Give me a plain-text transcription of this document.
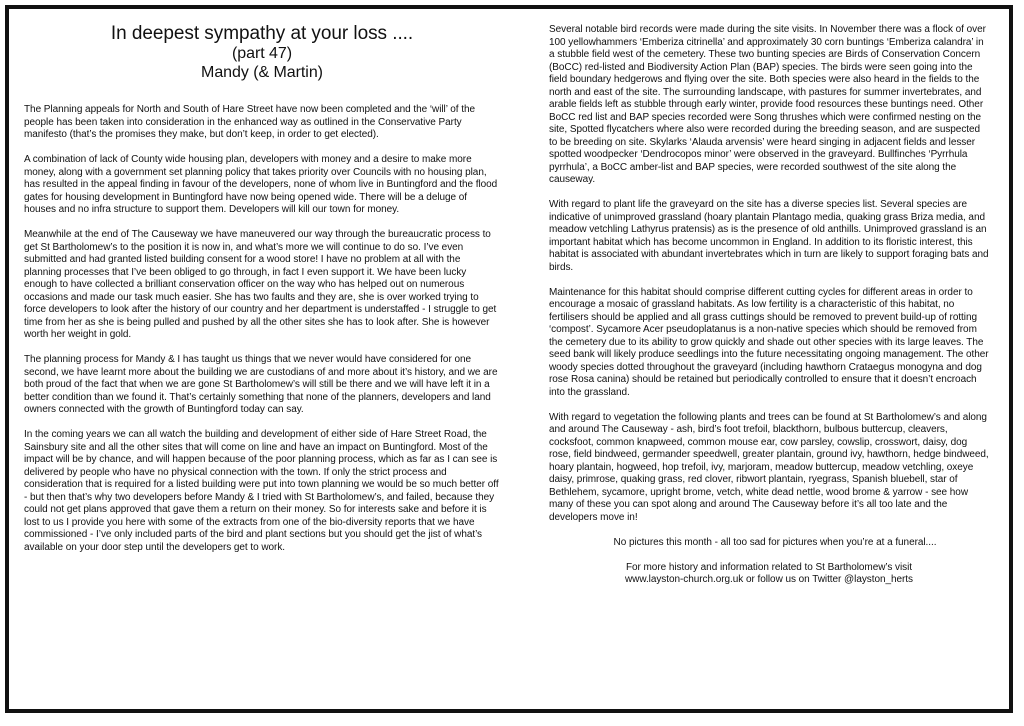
In deepest sympathy at your loss ....
(part 47)
Mandy (& Martin)

The Planning appeals for North and South of Hare Street have now been completed and the ‘will’ of the people has been taken into consideration in the enhanced way as outlined in the Conservative Party manifesto (that’s the promises they make, but don’t keep, in order to get elected).

A combination of lack of County wide housing plan, developers with money and a desire to make more money, along with a government set planning policy that takes priority over Councils with no housing plan, has resulted in the appeal finding in favour of the developers, none of whom live in Buntingford and the flood gates for housing development in Buntingford have now being opened wide. There will be a deluge of houses and no infra structure to support them. Developers will kill our town for money.

Meanwhile at the end of The Causeway we have maneuvered our way through the bureaucratic process to get St Bartholomew’s to the position it is now in, and what’s more we will continue to do so. I’ve even submitted and had granted listed building consent for a wood store! I have no problem at all with the planning processes that I’ve been obliged to go through, in fact I even support it. We have been lucky enough to have collected a brilliant conservation officer on the way who has helped out on numerous occasions and made our task much easier. She has two faults and they are, she is over worked trying to force developers to look after the history of our country and her department is understaffed - I struggle to get time from her as she is being pulled and pushed by all the other sites she has to look after. She is however worth her weight in gold.

The planning process for Mandy & I has taught us things that we never would have considered for one second, we have learnt more about the building we are custodians of and more about it’s history, and we are both proud of the fact that when we are gone St Bartholomew’s will still be there and we will have left it in a better condition than we found it. That’s certainly something that none of the planners, developers and land owners connected with the growth of Buntingford today can say.

In the coming years we can all watch the building and development of either side of Hare Street Road, the Sainsbury site and all the other sites that will come on line and have an impact on Buntingford. Most of the impact will be by chance, and will happen because of the poor planning process, which as far as I can see is delivered by people who have no physical connection with the town. If only the strict process and consideration that is required for a listed building were put into town planning we would be so much better off - but then that’s why two developers before Mandy & I tried with St Bartholomew’s, and failed, because they could not get plans approved that gave them a return on their money. So for interests sake and before it is lost to us I provide you here with some of the extracts from one of the bio-diversity reports that we have commissioned - I’ve only included parts of the bird and plant sections but you should get the jist of what’s available on your door step until the developers get to work.

Several notable bird records were made during the site visits. In November there was a flock of over 100 yellowhammers ‘Emberiza citrinella’ and approximately 30 corn buntings ‘Emberiza calandra’ in a stubble field west of the cemetery. These two bunting species are Birds of Conservation Concern (BoCC) red-listed and Biodiversity Action Plan (BAP) species. The birds were seen going into the field boundary hedgerows and flying over the site. Both species were also heard in the fields to the north and east of the site. The surrounding landscape, with pastures for summer invertebrates, and arable fields left as stubble through early winter, provide food resources these buntings need. Other BoCC red list and BAP species recorded were Song thrushes which were confirmed nesting on the site, Spotted flycatchers where also were recorded during the breeding season, and are suspected to be breeding on site. Skylarks ‘Alauda arvensis’ were heard singing in adjacent fields and lesser spotted woodpecker ‘Dendrocopos minor’ were observed in the graveyard. Bullfinches ‘Pyrrhula pyrrhula’, a BoCC amber-list and BAP species, were recorded southwest of the site along the causeway.

With regard to plant life the graveyard on the site has a diverse species list. Several species are indicative of unimproved grassland (hoary plantain Plantago media, quaking grass Briza media, and meadow vetchling Lathyrus pratensis) as is the presence of old anthills. Unimproved grassland is an important habitat which has become uncommon in England. In addition to its floristic interest, this habitat is associated with abundant invertebrates which in turn are likely to support foraging bats and birds.

Maintenance for this habitat should comprise different cutting cycles for different areas in order to encourage a mosaic of grassland habitats. As low fertility is a characteristic of this habitat, no fertilisers should be applied and all grass cuttings should be removed to prevent build-up of rotting ‘compost’. Sycamore Acer pseudoplatanus is a non-native species which should be removed from the cemetery due to its ability to grow quickly and shade out other species with its large leaves. The seed bank will likely produce seedlings into the future necessitating ongoing management. The other woody species dotted throughout the graveyard (including hawthorn Crataegus monogyna and dog rose Rosa canina) should be retained but periodically controlled to ensure that it doesn’t encroach into the grassland.

With regard to vegetation the following plants and trees can be found at St Bartholomew’s and along and around The Causeway - ash, bird’s foot trefoil, blackthorn, bulbous buttercup, cleavers, cocksfoot, common knapweed, common mouse ear, cow parsley, cowslip, crosswort, daisy, dog rose, field bindweed, germander speedwell, greater plantain, ground ivy, hawthorn, hedge bindweed, hoary plantain, hogweed, hop trefoil, ivy, marjoram, meadow buttercup, meadow vetchling, oxeye daisy, primrose, quaking grass, red clover, ribwort plantain, ryegrass, Spanish bluebell, star of Bethlehem, sycamore, upright brome, vetch, white dead nettle, wood brome & yarrow - see how many of these you can spot along and around The Causeway before it’s all too late and the developers move in!

No pictures this month - all too sad for pictures when you’re at a funeral....

For more history and information related to St Bartholomew’s visit
www.layston-church.org.uk or follow us on Twitter @layston_herts
